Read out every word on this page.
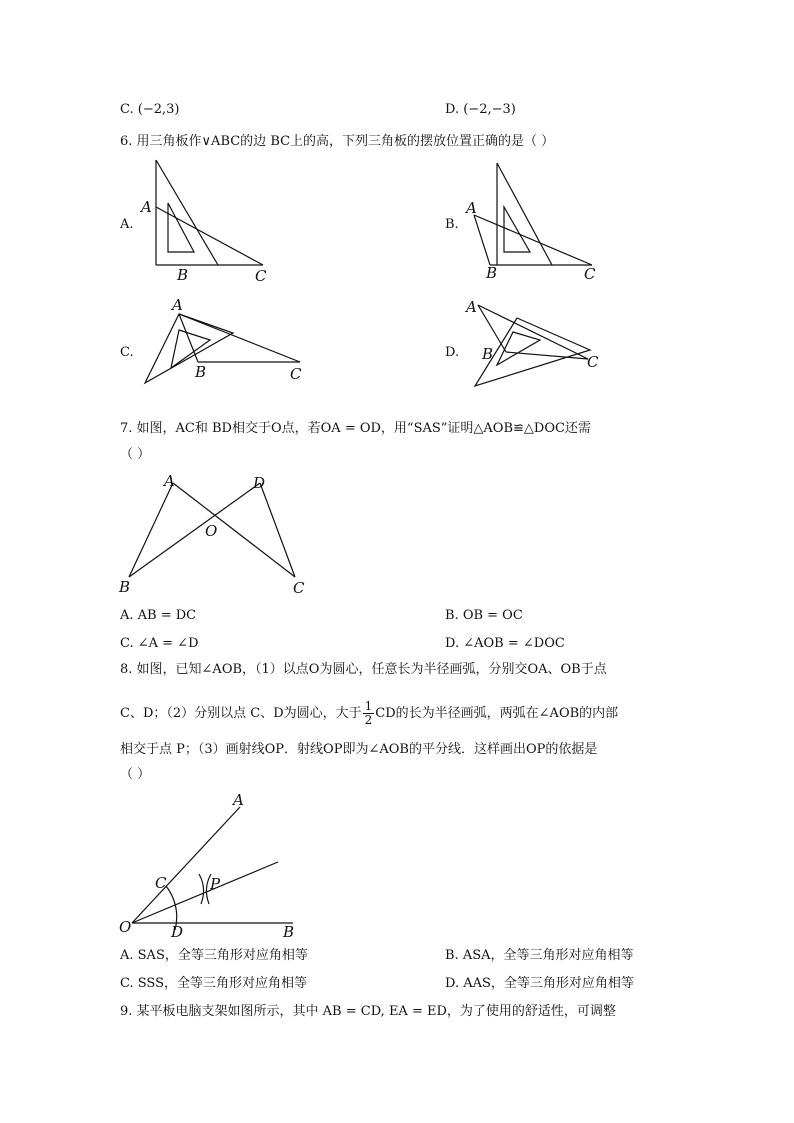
C. (−2,3)	D. (−2,−3)
6. 用三角板作∨ABC的边 BC上的高，下列三角板的摆放位置正确的是（ ）
A.	B.
C.	D.
A
B	C
A
B	C
A
B	C
A
B	C
7. 如图，AC和 BD相交于O点，若OA = OD，用“SAS”证明△AOB≌△DOC还需
（ ）
A	D
O
B	C
A. AB = DC	B. OB = OC
C. ∠A = ∠D	D. ∠AOB = ∠DOC
8. 如图，已知∠AOB，（1）以点O为圆心，任意长为半径画弧，分别交OA、OB于点
C、D；（2）分别以点 C、D为圆心，大于 $\frac{1}{2}$ CD的长为半径画弧，两弧在∠AOB的内部
相交于点 P；（3）画射线OP．射线OP即为∠AOB的平分线．这样画出OP的依据是
（ ）
A
C	P
O	D	B
A. SAS，全等三角形对应角相等	B. ASA，全等三角形对应角相等
C. SSS，全等三角形对应角相等	D. AAS，全等三角形对应角相等
9. 某平板电脑支架如图所示，其中 AB = CD, EA = ED，为了使用的舒适性，可调整
